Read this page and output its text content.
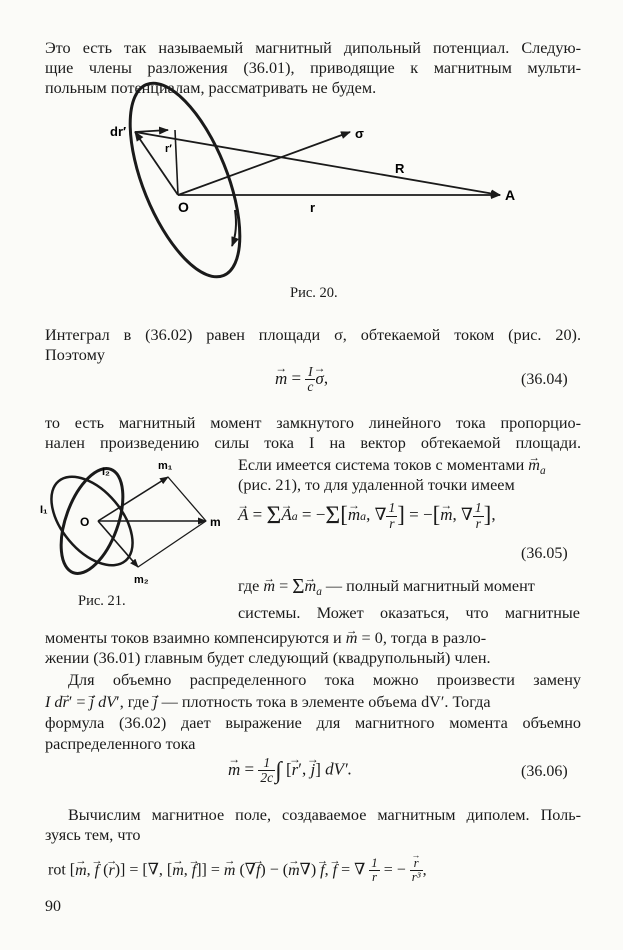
Это есть так называемый магнитный дипольный потенциал. Следую-
щие члены разложения (36.01), приводящие к магнитным мульти-
польным потенциалам, рассматривать не будем.
dr′
r′
σ
R
O
A
r
Рис. 20.
Интеграл в (36.02) равен площади σ, обтекаемой током (рис. 20).
Поэтому
→ $m = \frac{I}{c}$
→ σ,	(36.04)
то есть магнитный момент замкнутого линейного тока пропорцио-
нален произведению силы тока I на вектор обтекаемой площади.
I₁
I₂
O
m₁
m
m₂
Рис. 21.
Если имеется система токов с моментами → $m_a$
(рис. 21), то для удаленной точки имеем
→ A = Σ→ Aa = −Σ[→ ma, ∇ $\frac{1}{r}$ ] = −[→ m, ∇ $\frac{1}{r}$ ],
(36.05)
где → $m = \Sigma\to m_a$ — полный магнитный момент
системы. Может оказаться, что магнитные
моменты токов взаимно компенсируются и → m = 0, тогда в разло-
жении (36.01) главным будет следующий (квадрупольный) член.
Для объемно распределенного тока можно произвести замену
I d→ r′ = → j dV′, где → j — плотность тока в элементе объема dV′. Тогда
формула (36.02) дает выражение для магнитного момента объемно
распределенного тока
→ $m = \frac{1}{2c}$ ∫ [→ r′, → j] dV′.	(36.06)
Вычислим магнитное поле, создаваемое магнитным диполем. Поль-
зуясь тем, что
rot [→ m, → f (→ r)] = [∇, [→ m, → f]] = → m (∇→ f) − (→ m∇) → f, → f = ∇ $\frac{1}{r}$ = −
→ $\frac{r}{\text{r³}}$ ,
90
